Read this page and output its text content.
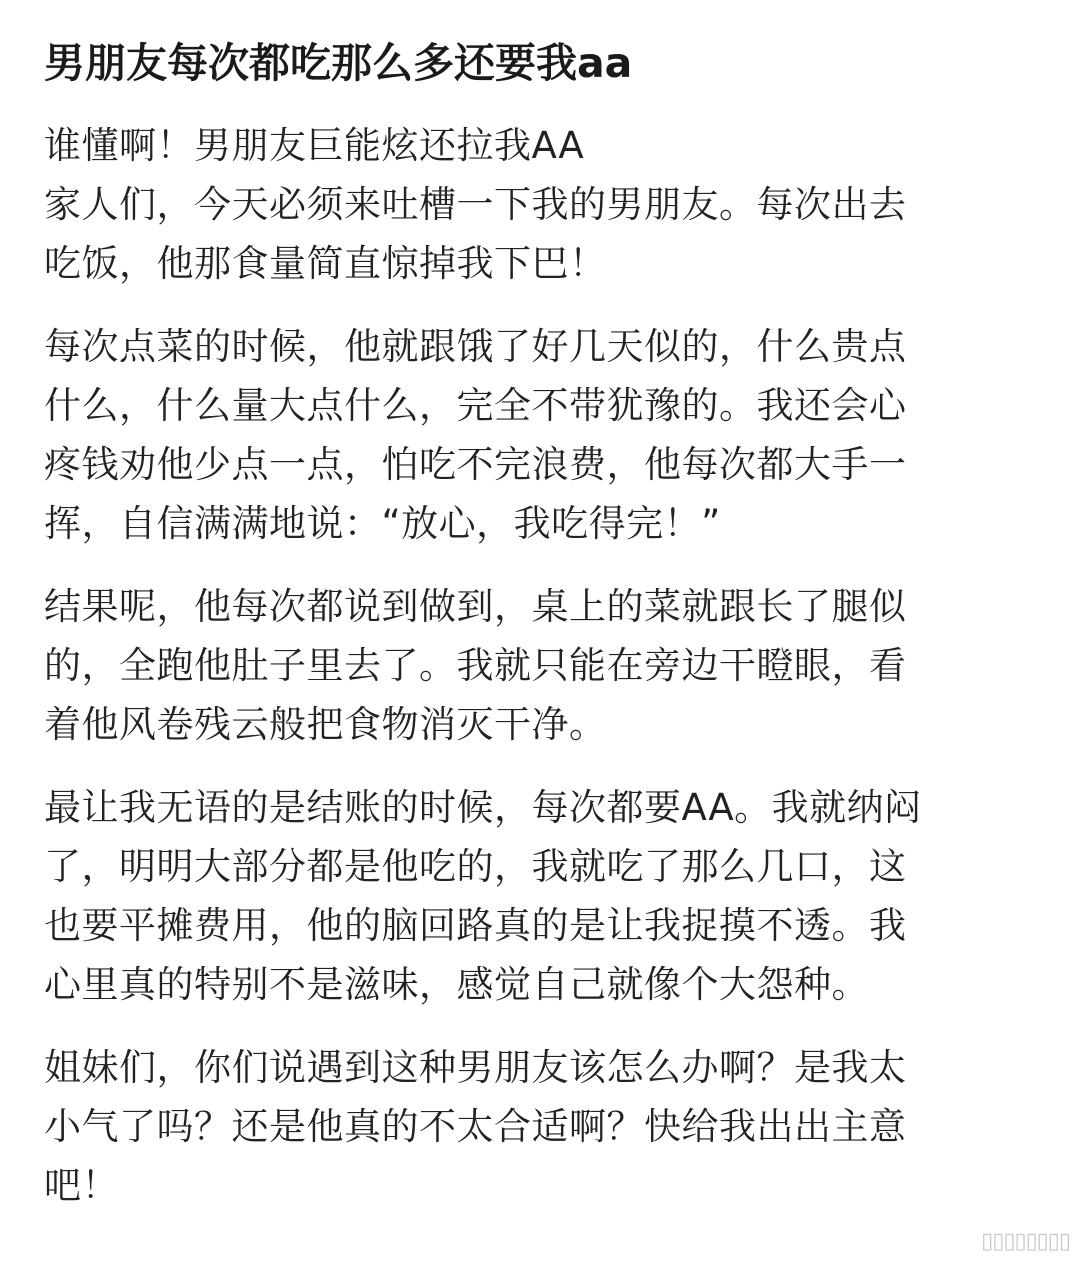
男朋友每次都吃那么多还要我aa

谁懂啊！男朋友巨能炫还拉我AA
家人们，今天必须来吐槽一下我的男朋友。每次出去
吃饭，他那食量简直惊掉我下巴！

每次点菜的时候，他就跟饿了好几天似的，什么贵点
什么，什么量大点什么，完全不带犹豫的。我还会心
疼钱劝他少点一点，怕吃不完浪费，他每次都大手一
挥，自信满满地说：“放心，我吃得完！”

结果呢，他每次都说到做到，桌上的菜就跟长了腿似
的，全跑他肚子里去了。我就只能在旁边干瞪眼，看
着他风卷残云般把食物消灭干净。

最让我无语的是结账的时候，每次都要AA。我就纳闷
了，明明大部分都是他吃的，我就吃了那么几口，这
也要平摊费用，他的脑回路真的是让我捉摸不透。我
心里真的特别不是滋味，感觉自己就像个大怨种。

姐妹们，你们说遇到这种男朋友该怎么办啊？是我太
小气了吗？还是他真的不太合适啊？快给我出出主意
吧！

▯▯▯▯▯▯▯▯
